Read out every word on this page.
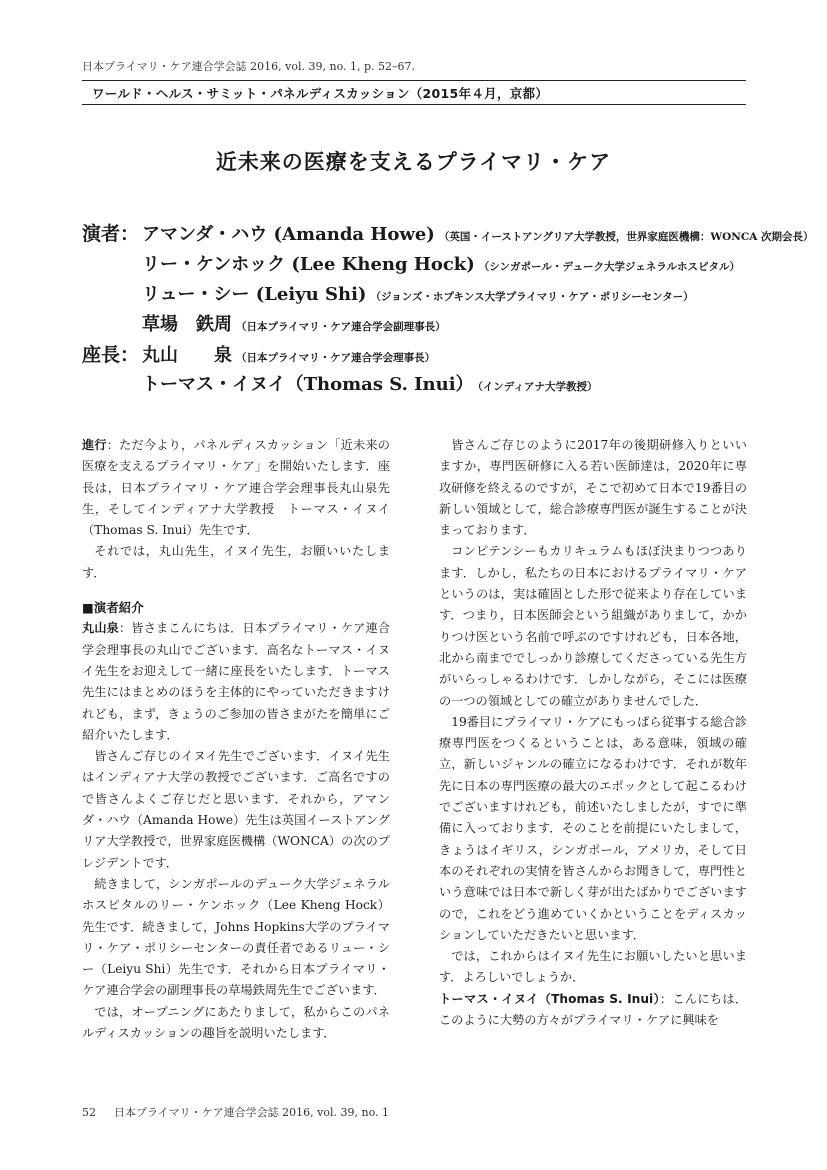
日本プライマリ・ケア連合学会誌 2016, vol. 39, no. 1, p. 52–67.
ワールド・ヘルス・サミット・パネルディスカッション（2015年４月，京都）
近未来の医療を支えるプライマリ・ケア
演者： アマンダ・ハウ (Amanda Howe) （英国・イーストアングリア大学教授，世界家庭医機構：WONCA 次期会長）
リー・ケンホック (Lee Kheng Hock) （シンガポール・デューク大学ジェネラルホスピタル）
リュー・シー (Leiyu Shi) （ジョンズ・ホプキンス大学プライマリ・ケア・ポリシーセンター）
草場　鉄周 （日本プライマリ・ケア連合学会副理事長）
座長： 丸山　　泉 （日本プライマリ・ケア連合学会理事長）
トーマス・イヌイ（Thomas S. Inui） （インディアナ大学教授）

進行：ただ今より，パネルディスカッション「近未来の医療を支えるプライマリ・ケア」を開始いたします．座長は，日本プライマリ・ケア連合学会理事長丸山泉先生，そしてインディアナ大学教授　トーマス・イヌイ（Thomas S. Inui）先生です．

それでは，丸山先生，イヌイ先生，お願いいたします．

■演者紹介

丸山泉：皆さまこんにちは．日本プライマリ・ケア連合学会理事長の丸山でございます．高名なトーマス・イヌイ先生をお迎えして一緒に座長をいたします．トーマス先生にはまとめのほうを主体的にやっていただきますけれども，まず，きょうのご参加の皆さまがたを簡単にご紹介いたします．

皆さんご存じのイヌイ先生でございます．イヌイ先生はインディアナ大学の教授でございます．ご高名ですので皆さんよくご存じだと思います．それから，アマンダ・ハウ（Amanda Howe）先生は英国イーストアングリア大学教授で，世界家庭医機構（WONCA）の次のプレジデントです．

続きまして，シンガポールのデューク大学ジェネラルホスピタルのリー・ケンホック（Lee Kheng Hock）先生です．続きまして，Johns Hopkins大学のプライマリ・ケア・ポリシーセンターの責任者であるリュー・シー（Leiyu Shi）先生です．それから日本プライマリ・ケア連合学会の副理事長の草場鉄周先生でございます．

では，オープニングにあたりまして，私からこのパネルディスカッションの趣旨を説明いたします．

皆さんご存じのように2017年の後期研修入りといいますか，専門医研修に入る若い医師達は，2020年に専攻研修を終えるのですが，そこで初めて日本で19番目の新しい領域として，総合診療専門医が誕生することが決まっております．

コンピテンシーもカリキュラムもほぼ決まりつつあります．しかし，私たちの日本におけるプライマリ・ケアというのは，実は確固とした形で従来より存在しています．つまり，日本医師会という組織がありまして，かかりつけ医という名前で呼ぶのですけれども，日本各地，北から南まででしっかり診療してくださっている先生方がいらっしゃるわけです．しかしながら，そこには医療の一つの領域としての確立がありませんでした．

19番目にプライマリ・ケアにもっぱら従事する総合診療専門医をつくるということは，ある意味，領域の確立，新しいジャンルの確立になるわけです．それが数年先に日本の専門医療の最大のエポックとして起こるわけでございますけれども，前述いたしましたが，すでに準備に入っております．そのことを前提にいたしまして，きょうはイギリス，シンガポール，アメリカ，そして日本のそれぞれの実情を皆さんからお聞きして，専門性という意味では日本で新しく芽が出たばかりでございますので，これをどう進めていくかということをディスカッションしていただきたいと思います．

では，これからはイヌイ先生にお願いしたいと思います．よろしいでしょうか．

トーマス・イヌイ（Thomas S. Inui）：こんにちは．このように大勢の方々がプライマリ・ケアに興味を

52 日本プライマリ・ケア連合学会誌 2016, vol. 39, no. 1
